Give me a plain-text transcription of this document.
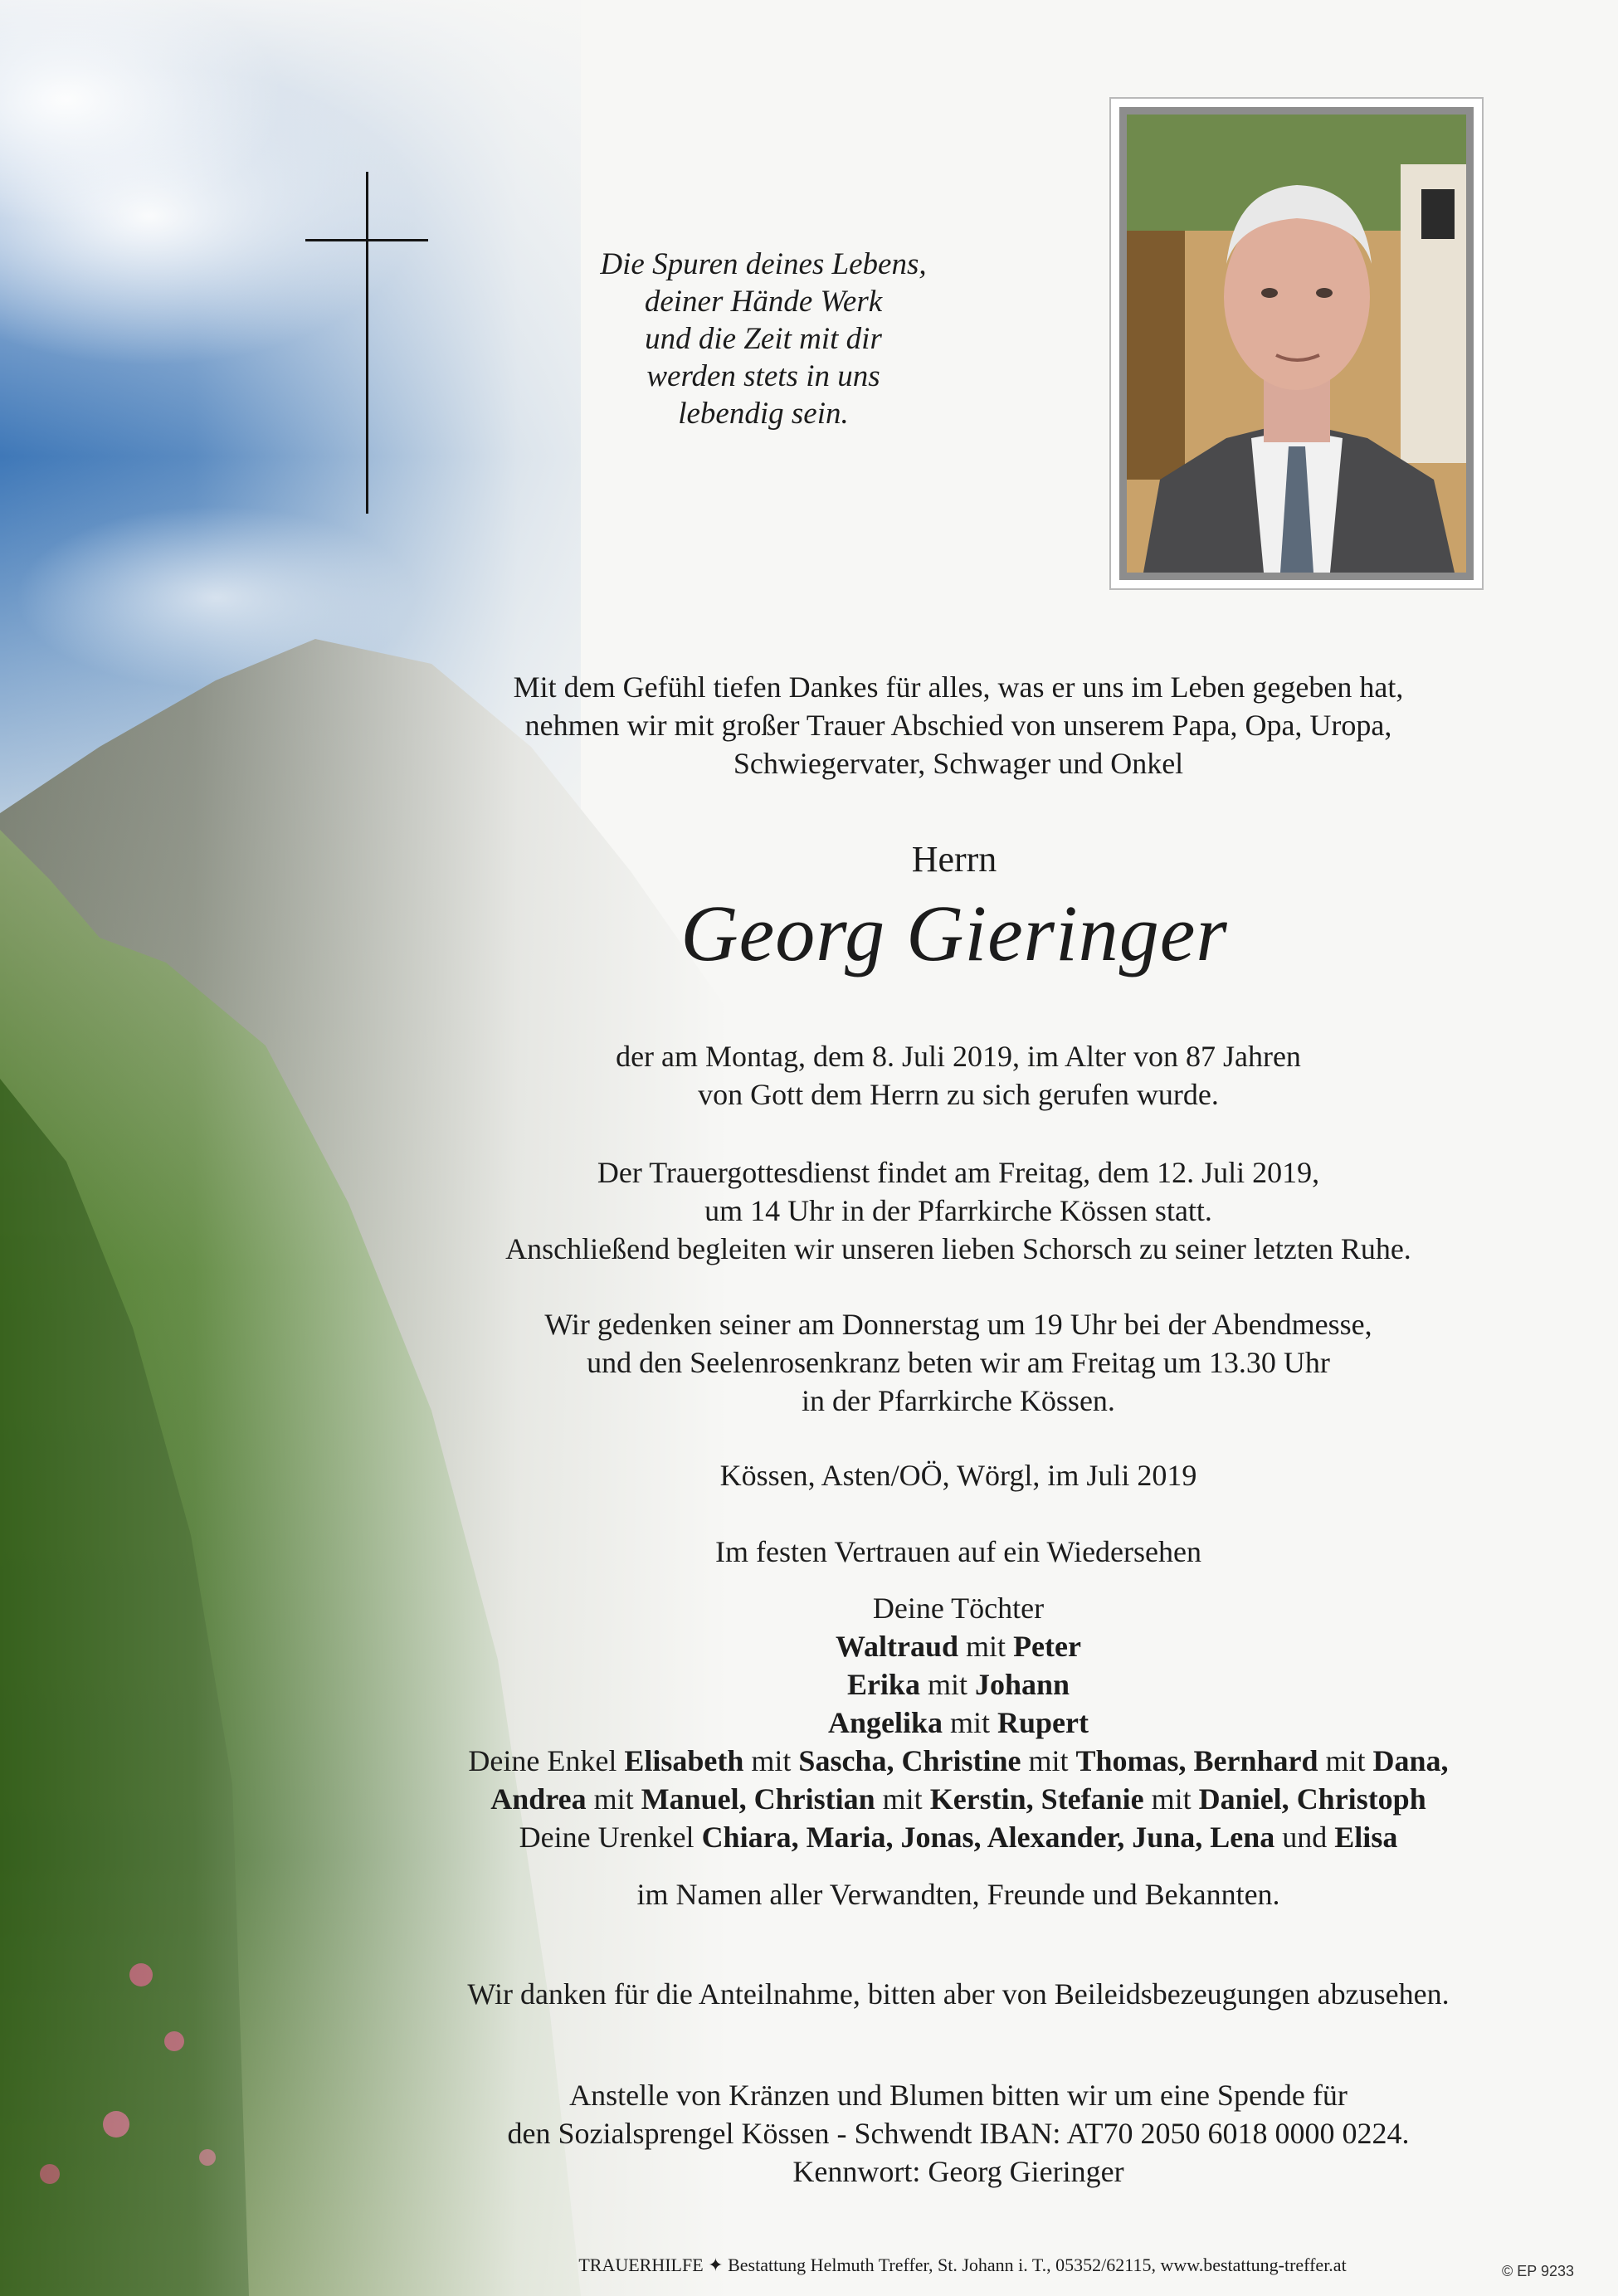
Die Spuren deines Lebens,
deiner Hände Werk
und die Zeit mit dir
werden stets in uns
lebendig sein.
Mit dem Gefühl tiefen Dankes für alles, was er uns im Leben gegeben hat,
nehmen wir mit großer Trauer Abschied von unserem Papa, Opa, Uropa,
Schwiegervater, Schwager und Onkel
Herrn
Georg Gieringer
der am Montag, dem 8. Juli 2019, im Alter von 87 Jahren
von Gott dem Herrn zu sich gerufen wurde.
Der Trauergottesdienst findet am Freitag, dem 12. Juli 2019,
um 14 Uhr in der Pfarrkirche Kössen statt.
Anschließend begleiten wir unseren lieben Schorsch zu seiner letzten Ruhe.
Wir gedenken seiner am Donnerstag um 19 Uhr bei der Abendmesse,
und den Seelenrosenkranz beten wir am Freitag um 13.30 Uhr
in der Pfarrkirche Kössen.
Kössen, Asten/OÖ, Wörgl, im Juli 2019
Im festen Vertrauen auf ein Wiedersehen
Deine Töchter
Waltraud mit Peter
Erika mit Johann
Angelika mit Rupert
Deine Enkel Elisabeth mit Sascha, Christine mit Thomas, Bernhard mit Dana,
Andrea mit Manuel, Christian mit Kerstin, Stefanie mit Daniel, Christoph
Deine Urenkel Chiara, Maria, Jonas, Alexander, Juna, Lena und Elisa
im Namen aller Verwandten, Freunde und Bekannten.
Wir danken für die Anteilnahme, bitten aber von Beileidsbezeugungen abzusehen.
Anstelle von Kränzen und Blumen bitten wir um eine Spende für
den Sozialsprengel Kössen - Schwendt IBAN: AT70 2050 6018 0000 0224.
Kennwort: Georg Gieringer
TRAUERHILFE ✦ Bestattung Helmuth Treffer, St. Johann i. T., 05352/62115, www.bestattung-treffer.at	© EP 9233
